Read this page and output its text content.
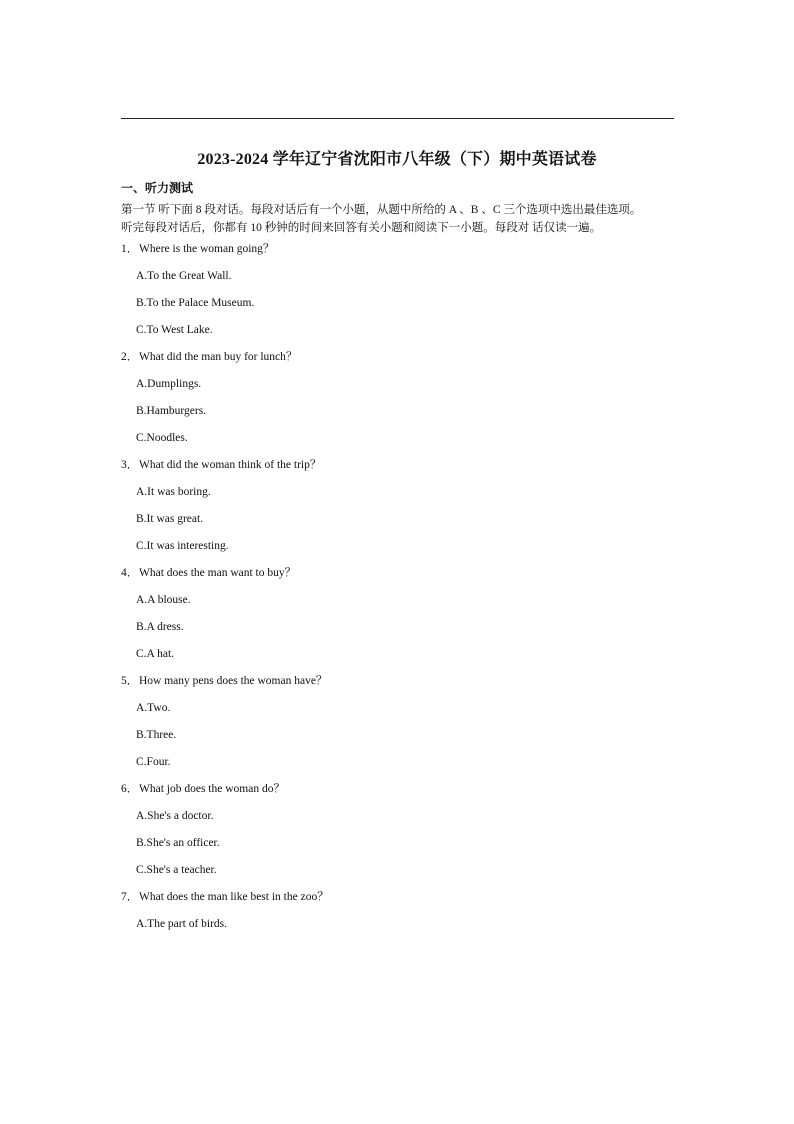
2023-2024 学年辽宁省沈阳市八年级（下）期中英语试卷
一、听力测试
第一节 听下面 8 段对话。每段对话后有一个小题，从题中所给的 A 、B 、C 三个选项中选出最佳选项。
听完每段对话后，你都有 10 秒钟的时间来回答有关小题和阅读下一小题。每段对 话仅读一遍。
1．Where is the woman going？
A.To the Great Wall.
B.To the Palace Museum.
C.To West Lake.
2．What did the man buy for lunch？
A.Dumplings.
B.Hamburgers.
C.Noodles.
3．What did the woman think of the trip？
A.It was boring.
B.It was great.
C.It was interesting.
4．What does the man want to buy？
A.A blouse.
B.A dress.
C.A hat.
5．How many pens does the woman have？
A.Two.
B.Three.
C.Four.
6．What job does the woman do？
A.She's a doctor.
B.She's an officer.
C.She's a teacher.
7．What does the man like best in the zoo？
A.The part of birds.
